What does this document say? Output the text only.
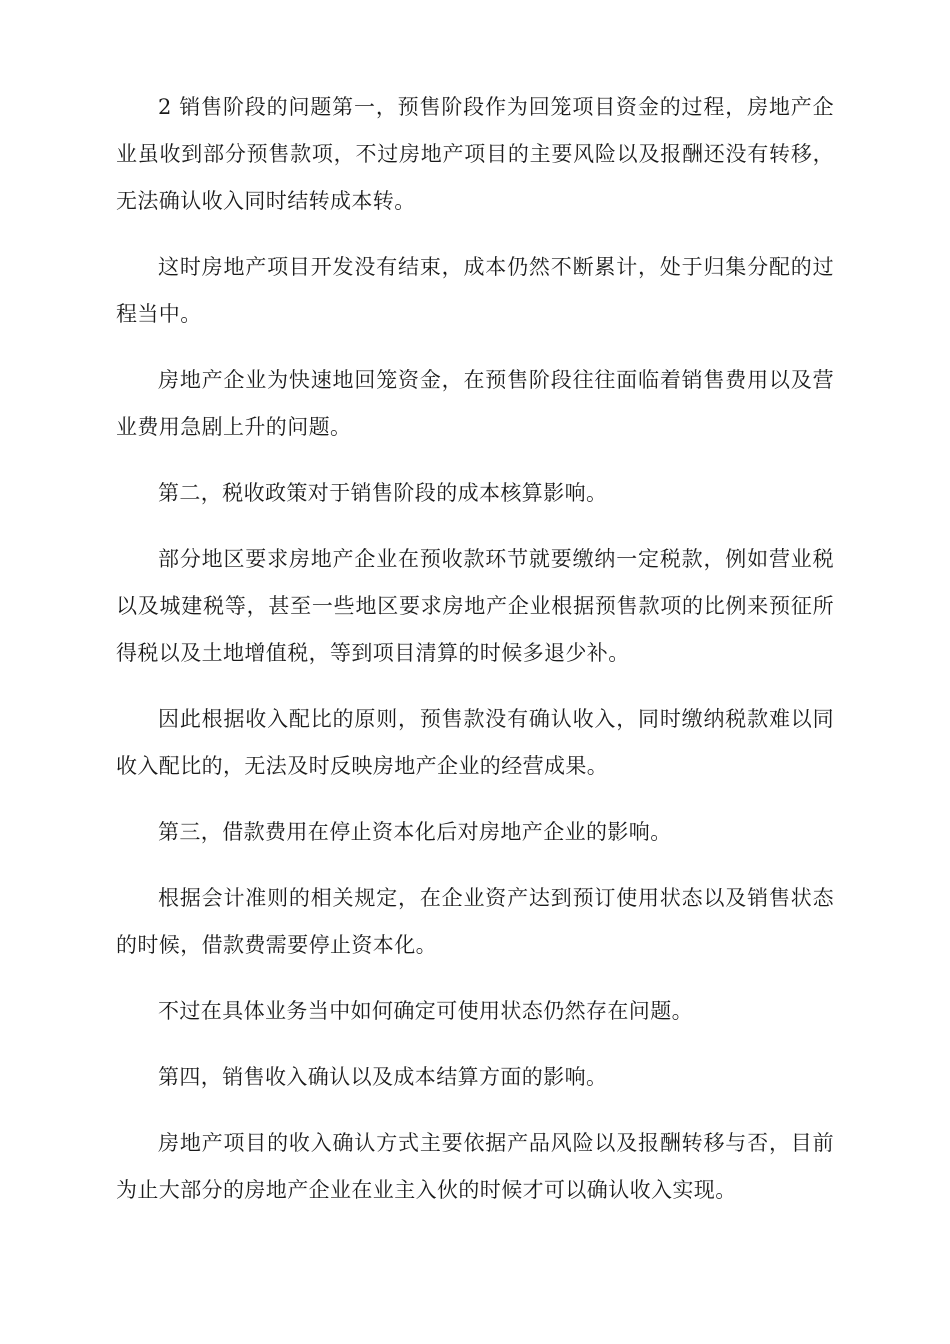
2 销售阶段的问题第一，预售阶段作为回笼项目资金的过程，房地产企业虽收到部分预售款项，不过房地产项目的主要风险以及报酬还没有转移，无法确认收入同时结转成本转。

这时房地产项目开发没有结束，成本仍然不断累计，处于归集分配的过程当中。

房地产企业为快速地回笼资金，在预售阶段往往面临着销售费用以及营业费用急剧上升的问题。

第二，税收政策对于销售阶段的成本核算影响。

部分地区要求房地产企业在预收款环节就要缴纳一定税款，例如营业税以及城建税等，甚至一些地区要求房地产企业根据预售款项的比例来预征所得税以及土地增值税，等到项目清算的时候多退少补。

因此根据收入配比的原则，预售款没有确认收入，同时缴纳税款难以同收入配比的，无法及时反映房地产企业的经营成果。

第三，借款费用在停止资本化后对房地产企业的影响。

根据会计准则的相关规定，在企业资产达到预订使用状态以及销售状态的时候，借款费需要停止资本化。

不过在具体业务当中如何确定可使用状态仍然存在问题。

第四，销售收入确认以及成本结算方面的影响。

房地产项目的收入确认方式主要依据产品风险以及报酬转移与否，目前为止大部分的房地产企业在业主入伙的时候才可以确认收入实现。
